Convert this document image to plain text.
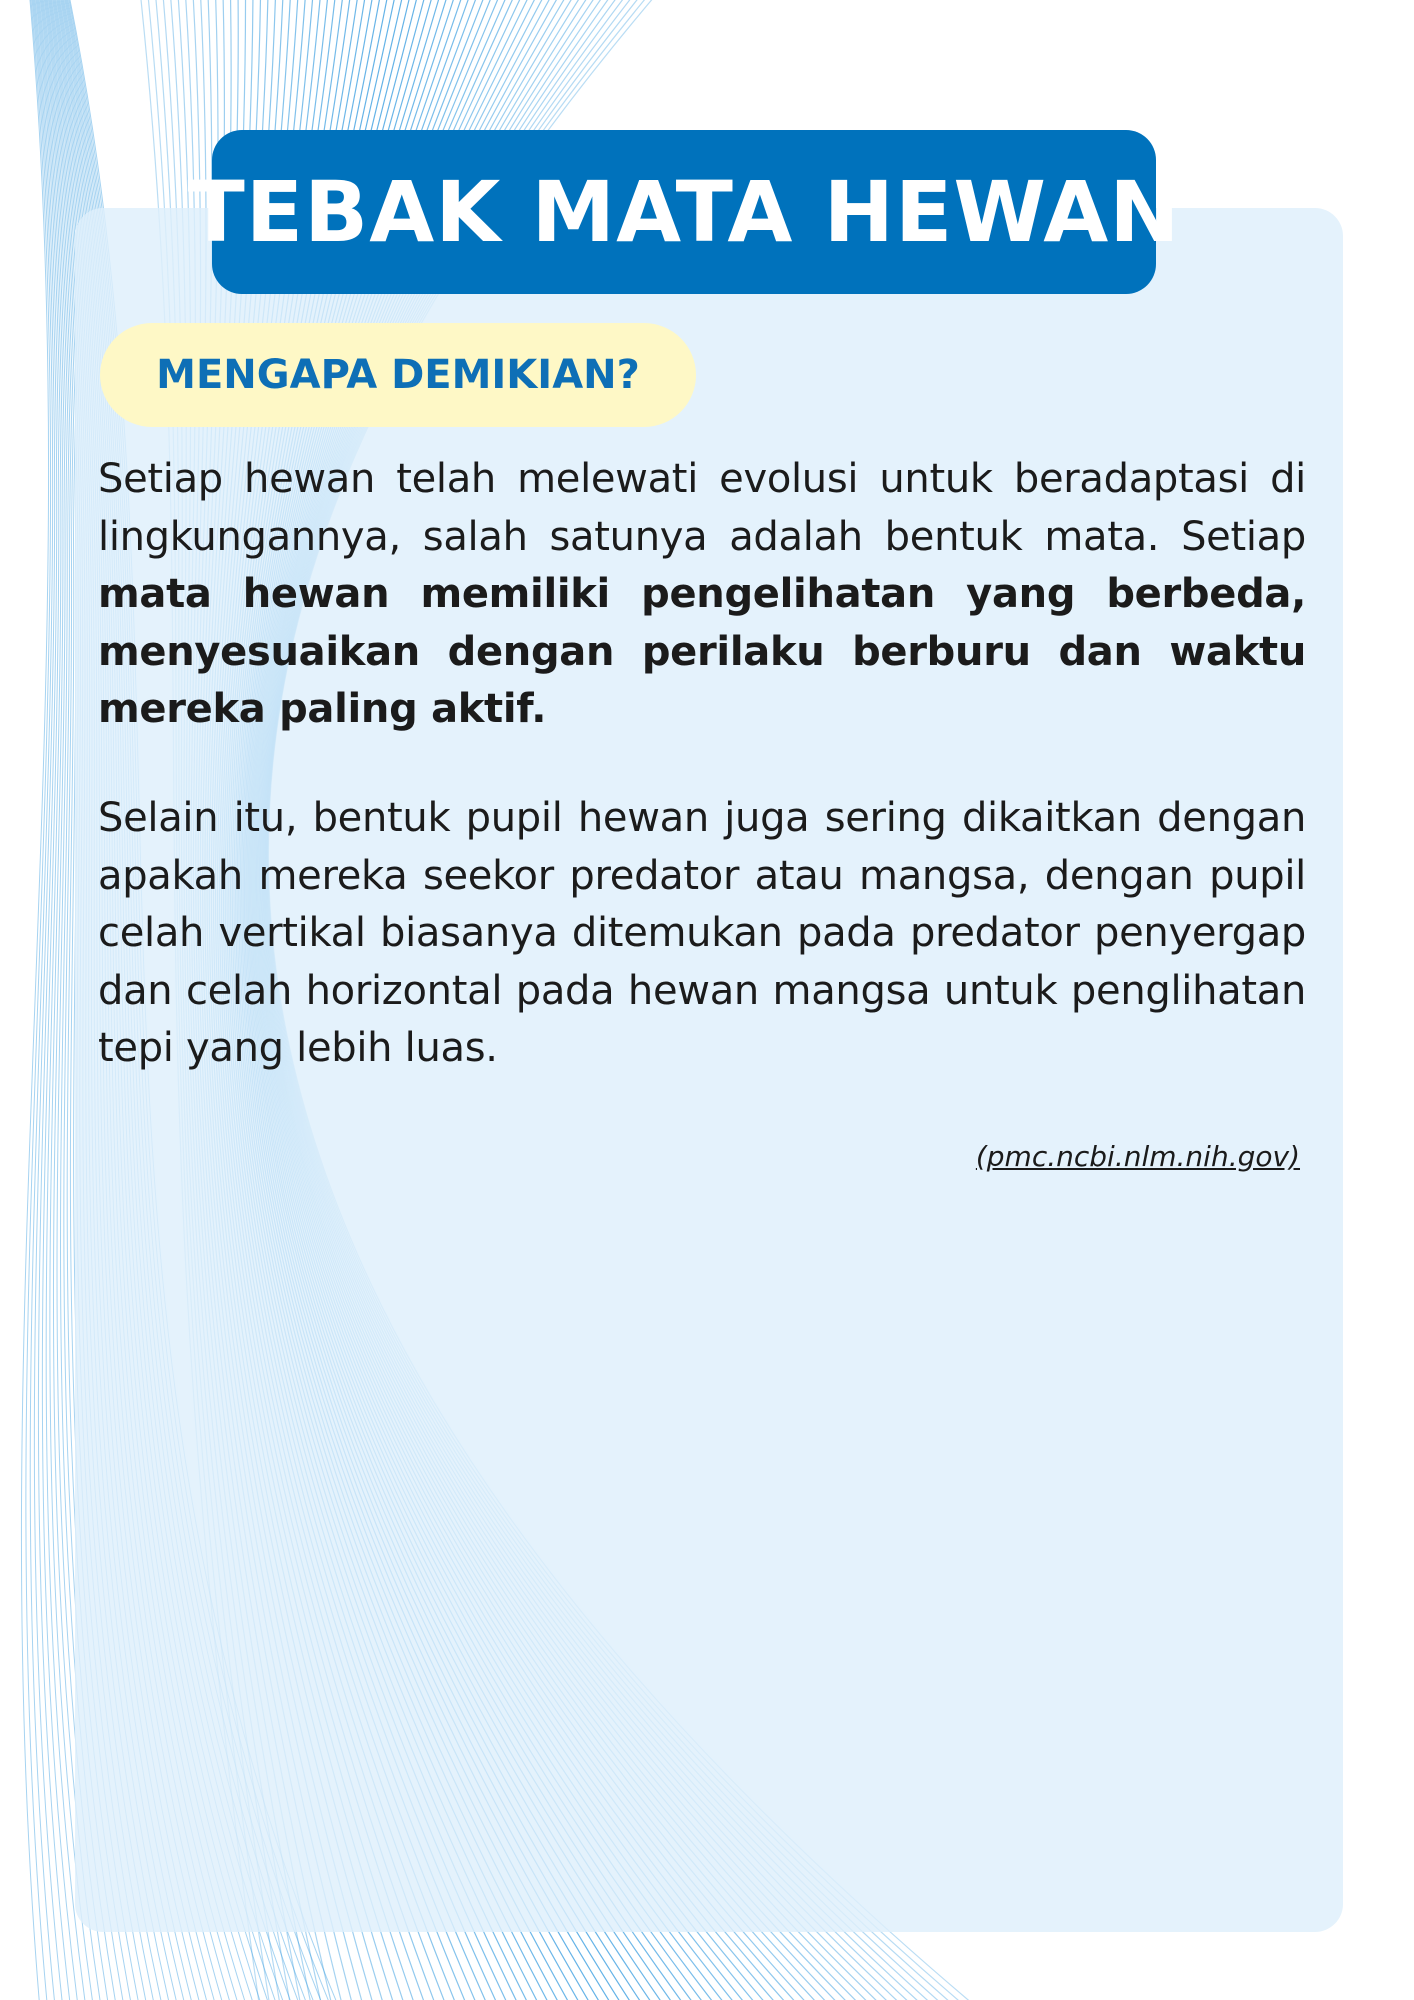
TEBAK MATA HEWAN
MENGAPA DEMIKIAN?

Setiap hewan telah melewati evolusi untuk beradaptasi di lingkungannya, salah satunya adalah bentuk mata. Setiap mata hewan memiliki pengelihatan yang berbeda, menyesuaikan dengan perilaku berburu dan waktu mereka paling aktif.

Selain itu, bentuk pupil hewan juga sering dikaitkan dengan apakah mereka seekor predator atau mangsa, dengan pupil celah vertikal biasanya ditemukan pada predator penyergap dan celah horizontal pada hewan mangsa untuk penglihatan tepi yang lebih luas.

(pmc.ncbi.nlm.nih.gov)
